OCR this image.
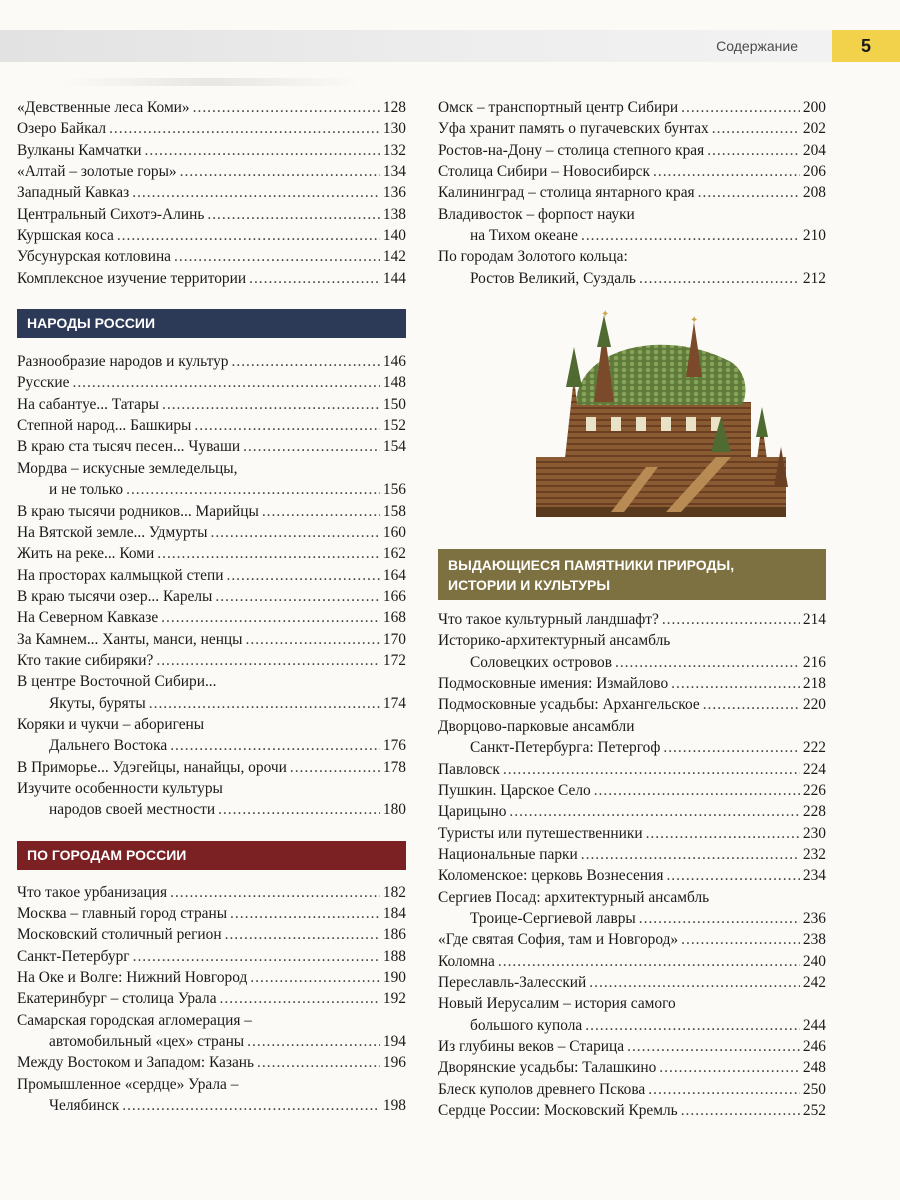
Содержание	5
«Девственные леса Коми» .....	128
Озеро Байкал .....	130
Вулканы Камчатки .....	132
«Алтай – золотые горы» .....	134
Западный Кавказ .....	136
Центральный Сихотэ-Алинь .....	138
Куршская коса .....	140
Убсунурская котловина .....	142
Комплексное изучение территории .....	144
НАРОДЫ РОССИИ
Разнообразие народов и культур .....	146
Русские .....	148
На сабантуе... Татары .....	150
Степной народ... Башкиры .....	152
В краю ста тысяч песен... Чуваши .....	154
Мордва – искусные земледельцы,
и не только .....	156
В краю тысячи родников... Марийцы .....	158
На Вятской земле... Удмурты .....	160
Жить на реке... Коми .....	162
На просторах калмыцкой степи .....	164
В краю тысячи озер... Карелы .....	166
На Северном Кавказе .....	168
За Камнем... Ханты, манси, ненцы .....	170
Кто такие сибиряки? .....	172
В центре Восточной Сибири...
Якуты, буряты .....	174
Коряки и чукчи – аборигены
Дальнего Востока .....	176
В Приморье... Удэгейцы, нанайцы, орочи .....	178
Изучите особенности культуры
народов своей местности .....	180
ПО ГОРОДАМ РОССИИ
Что такое урбанизация .....	182
Москва – главный город страны .....	184
Московский столичный регион .....	186
Санкт-Петербург .....	188
На Оке и Волге: Нижний Новгород .....	190
Екатеринбург – столица Урала .....	192
Самарская городская агломерация –
автомобильный «цех» страны .....	194
Между Востоком и Западом: Казань .....	196
Промышленное «сердце» Урала –
Челябинск .....	198
Омск – транспортный центр Сибири .....	200
Уфа хранит память о пугачевских бунтах .....	202
Ростов-на-Дону – столица степного края .....	204
Столица Сибири – Новосибирск .....	206
Калининград – столица янтарного края .....	208
Владивосток – форпост науки
на Тихом океане .....	210
По городам Золотого кольца:
Ростов Великий, Суздаль .....	212
✦
✦
ВЫДАЮЩИЕСЯ ПАМЯТНИКИ ПРИРОДЫ,
ИСТОРИИ И КУЛЬТУРЫ
Что такое культурный ландшафт? .....	214
Историко-архитектурный ансамбль
Соловецких островов .....	216
Подмосковные имения: Измайлово .....	218
Подмосковные усадьбы: Архангельское .....	220
Дворцово-парковые ансамбли
Санкт-Петербурга: Петергоф .....	222
Павловск .....	224
Пушкин. Царское Село .....	226
Царицыно .....	228
Туристы или путешественники .....	230
Национальные парки .....	232
Коломенское: церковь Вознесения .....	234
Сергиев Посад: архитектурный ансамбль
Троице-Сергиевой лавры .....	236
«Где святая София, там и Новгород» .....	238
Коломна .....	240
Переславль-Залесский .....	242
Новый Иерусалим – история самого
большого купола .....	244
Из глубины веков – Старица .....	246
Дворянские усадьбы: Талашкино .....	248
Блеск куполов древнего Пскова .....	250
Сердце России: Московский Кремль .....	252
